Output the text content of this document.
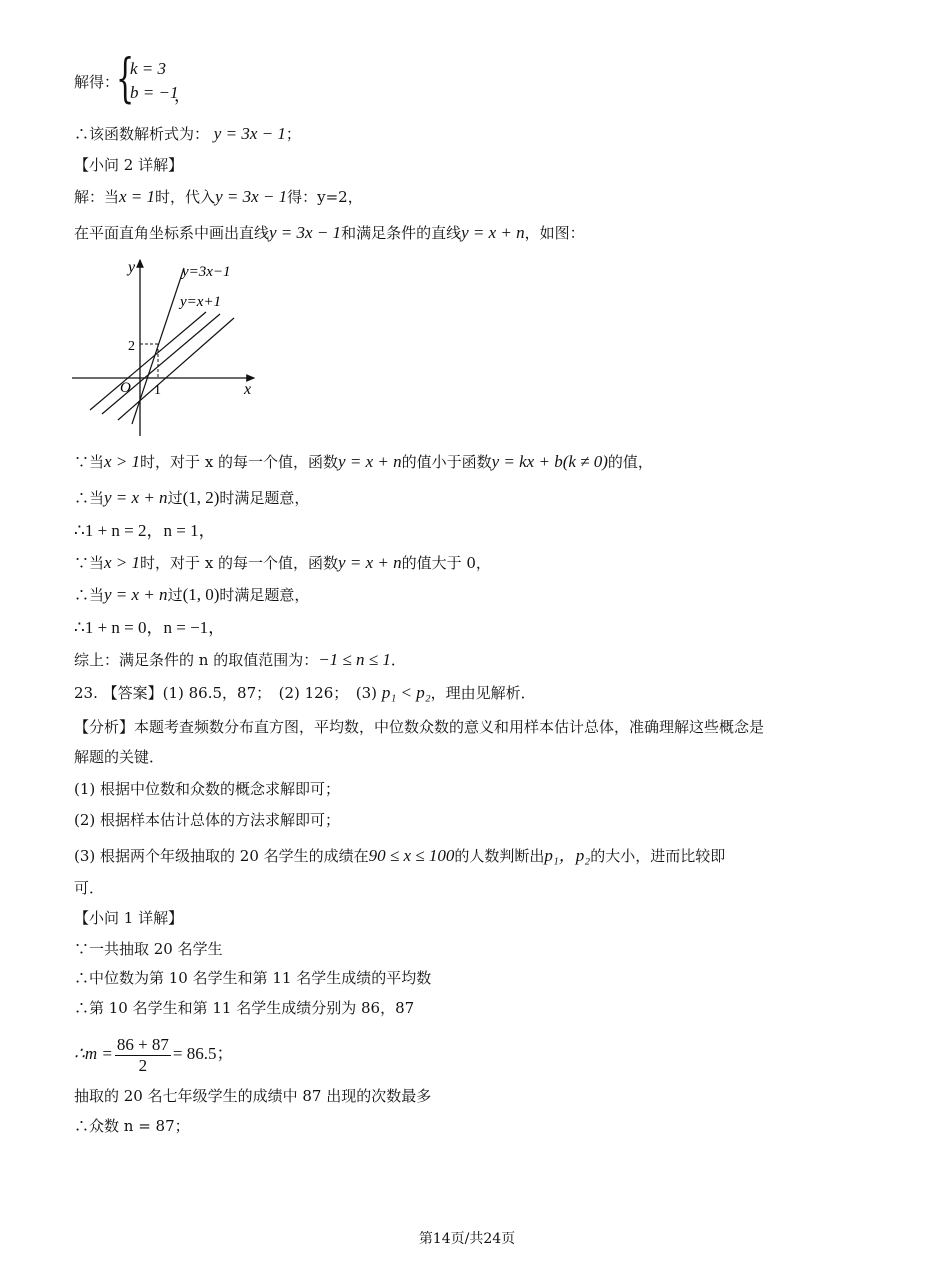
解得：
{
k = 3
b = −1
，
∴该函数解析式为： y = 3x − 1；
【小问 2 详解】
解：当x = 1时，代入y = 3x − 1得：y=2，
在平面直角坐标系中画出直线y = 3x − 1和满足条件的直线y = x + n，如图：
y
x
O 1
2
y=3x−1
y=x+1
∵当x > 1时，对于 x 的每一个值，函数y = x + n的值小于函数y = kx + b(k ≠ 0)的值，
∴当y = x + n过(1, 2)时满足题意，
∴1 + n = 2，n = 1，
∵当x > 1时，对于 x 的每一个值，函数y = x + n的值大于 0，
∴当y = x + n过(1, 0)时满足题意，
∴1 + n = 0，n = −1，
综上：满足条件的 n 的取值范围为：−1 ≤ n ≤ 1．
23. 【答案】(1) 86.5，87；　(2) 126；　(3) p₁ < p₂，理由见解析．
【分析】本题考查频数分布直方图，平均数，中位数众数的意义和用样本估计总体，准确理解这些概念是
解题的关键．
(1) 根据中位数和众数的概念求解即可；
(2) 根据样本估计总体的方法求解即可；
(3) 根据两个年级抽取的 20 名学生的成绩在90 ≤ x ≤ 100的人数判断出p₁，p₂的大小，进而比较即
可．
【小问 1 详解】
∵一共抽取 20 名学生
∴中位数为第 10 名学生和第 11 名学生成绩的平均数
∴第 10 名学生和第 11 名学生成绩分别为 86，87
∴m = $\frac{86 + 87}{2} = 86.5$；
抽取的 20 名七年级学生的成绩中 87 出现的次数最多
∴众数 n = 87；
第14页/共24页
